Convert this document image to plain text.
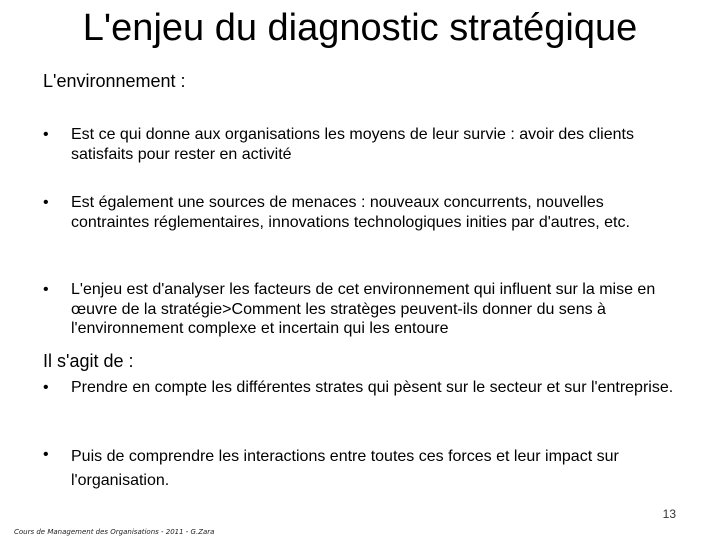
L'enjeu du diagnostic stratégique
L'environnement :
•	Est ce qui donne aux organisations les moyens de leur survie : avoir des clients satisfaits pour rester en activité
•	Est également une sources de menaces : nouveaux concurrents, nouvelles contraintes réglementaires, innovations technologiques inities par d'autres, etc.
•	L'enjeu est d'analyser les facteurs de cet environnement qui influent sur la mise en œuvre de la stratégie>Comment les stratèges peuvent-ils donner du sens à l'environnement complexe et incertain qui les entoure
Il s'agit de :
•	Prendre en compte les différentes strates qui pèsent sur le secteur et sur l'entreprise.
•	Puis de comprendre les interactions entre toutes ces forces et leur impact sur l'organisation.
13
Cours de Management des Organisations - 2011 - G.Zara
